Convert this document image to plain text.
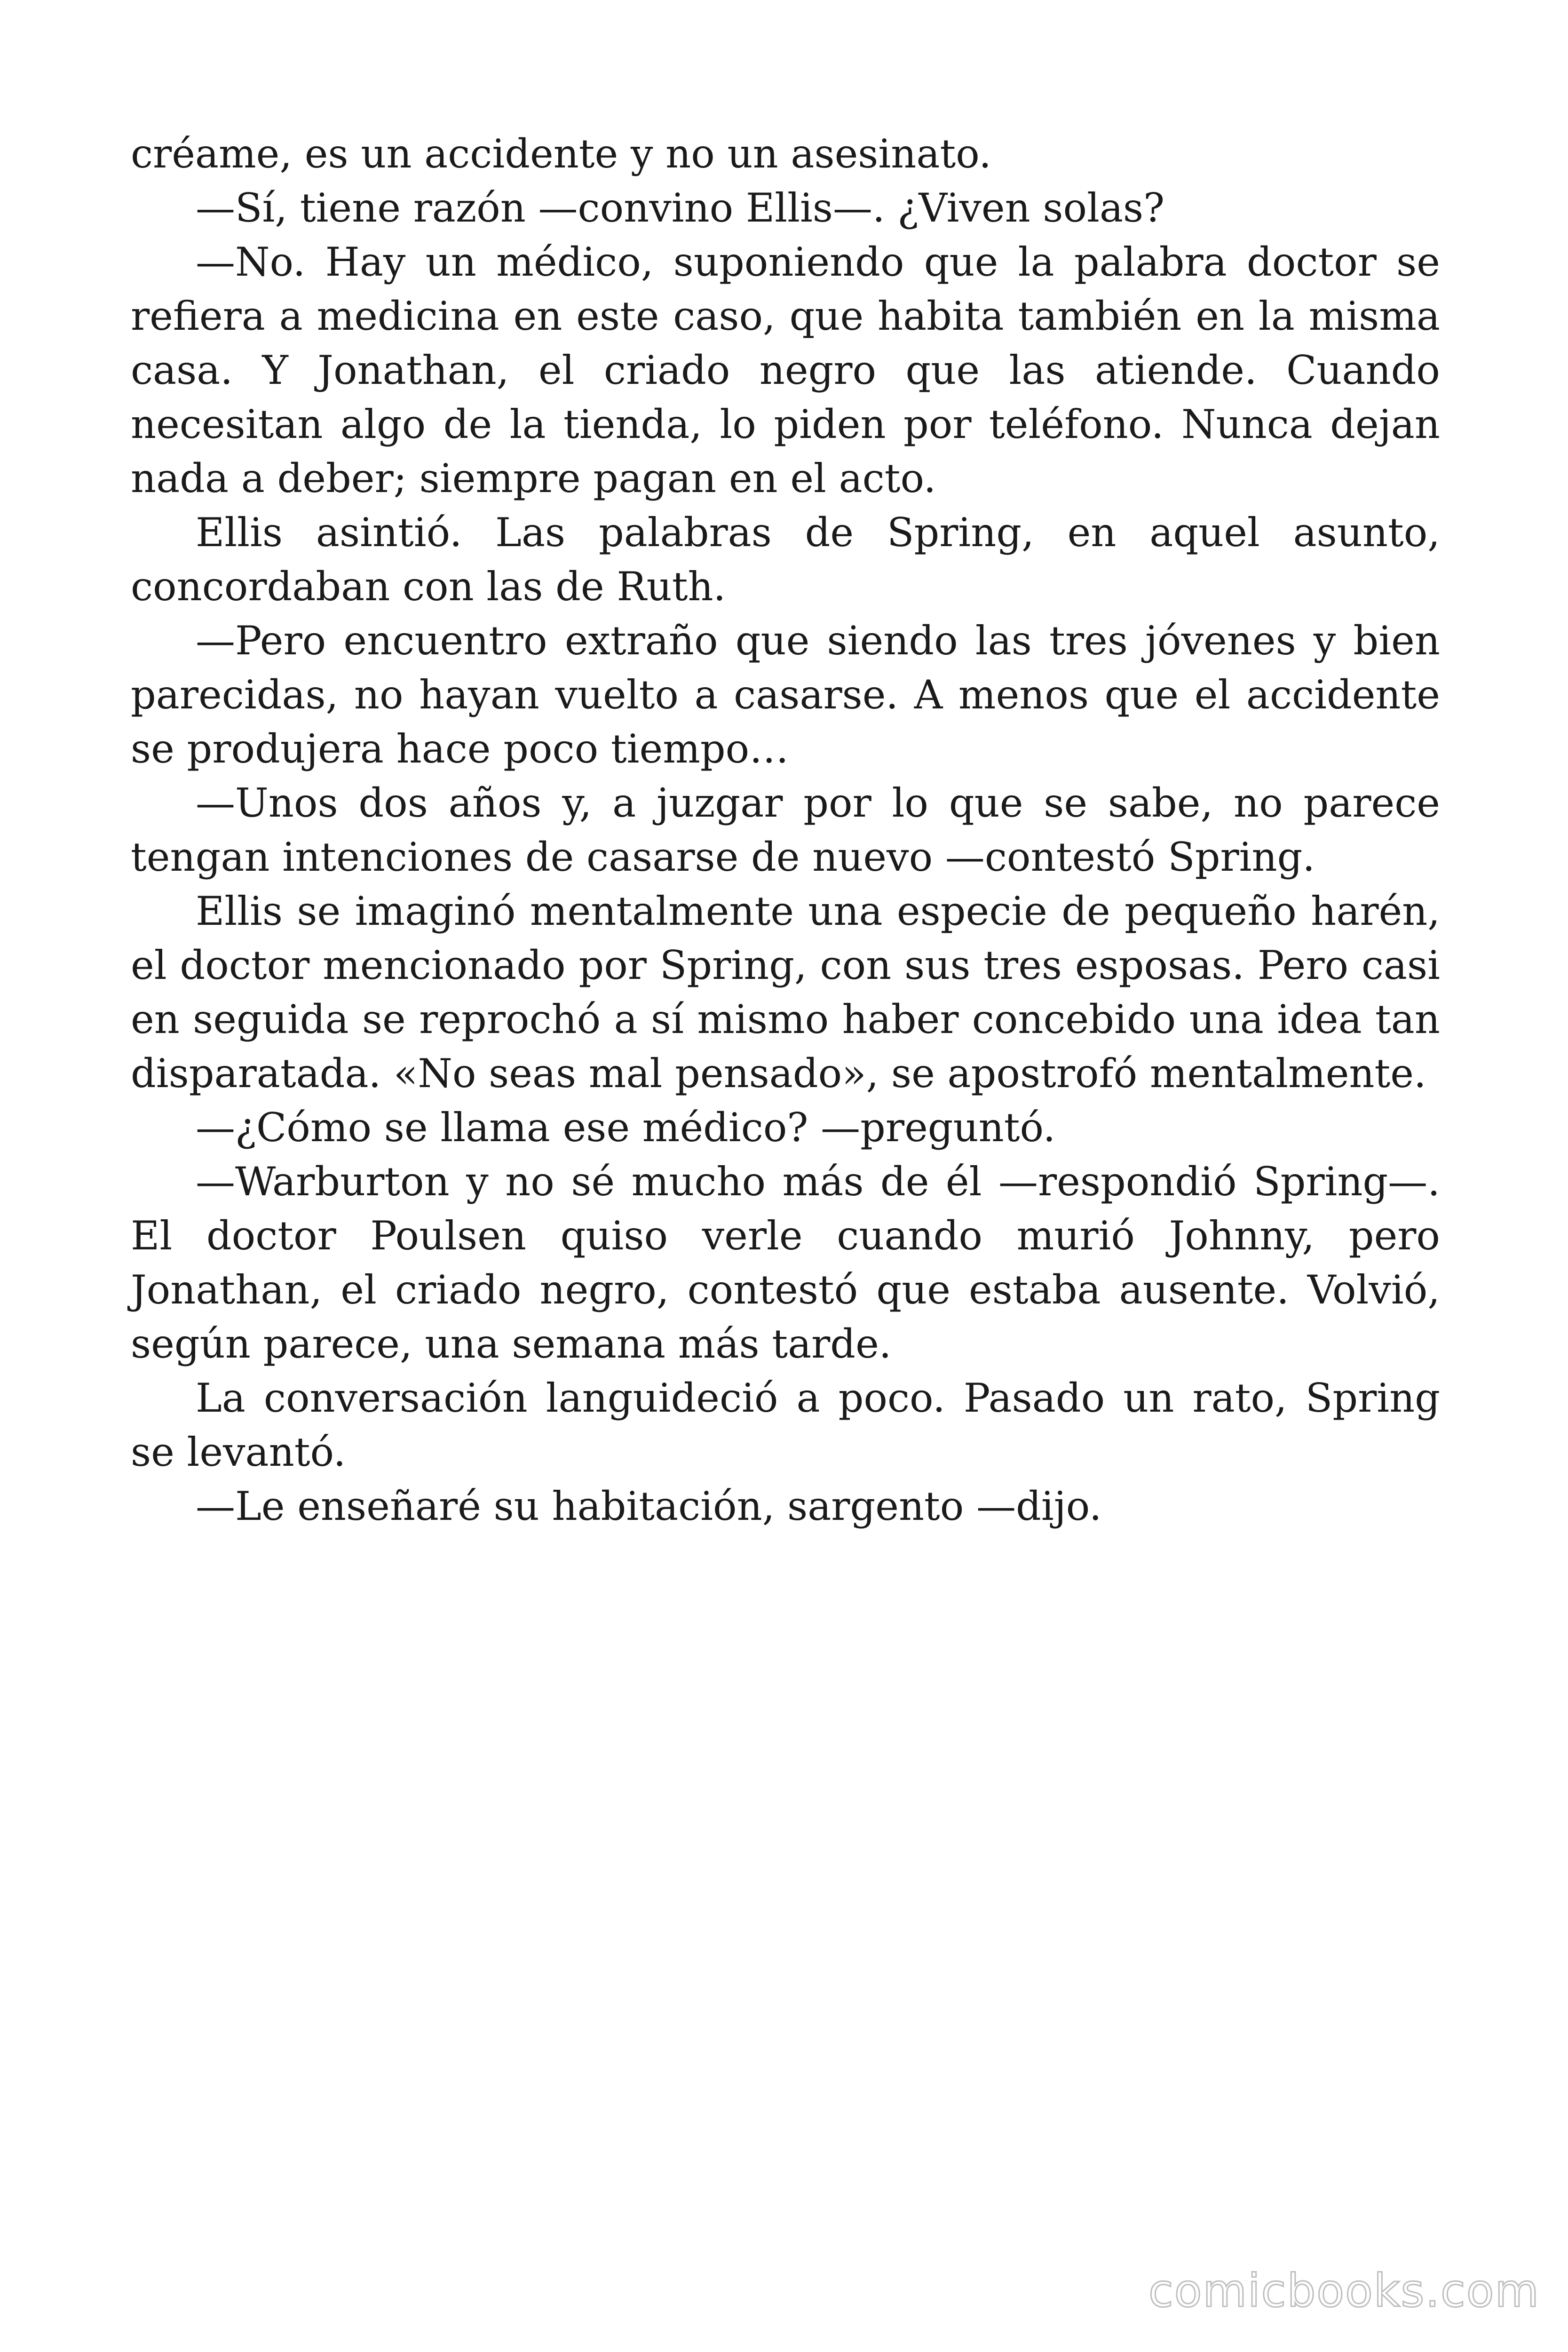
créame, es un accidente y no un asesinato.

—Sí, tiene razón —convino Ellis—. ¿Viven solas?

—No. Hay un médico, suponiendo que la palabra doctor se refiera a medicina en este caso, que habita también en la misma casa. Y Jonathan, el criado negro que las atiende. Cuando necesitan algo de la tienda, lo piden por teléfono. Nunca dejan nada a deber; siempre pagan en el acto.

Ellis asintió. Las palabras de Spring, en aquel asunto, concordaban con las de Ruth.

—Pero encuentro extraño que siendo las tres jóvenes y bien parecidas, no hayan vuelto a casarse. A menos que el accidente se produjera hace poco tiempo…

—Unos dos años y, a juzgar por lo que se sabe, no parece tengan intenciones de casarse de nuevo —contestó Spring.

Ellis se imaginó mentalmente una especie de pequeño harén, el doctor mencionado por Spring, con sus tres esposas. Pero casi en seguida se reprochó a sí mismo haber concebido una idea tan disparatada. «No seas mal pensado», se apostrofó mentalmente.

—¿Cómo se llama ese médico? —preguntó.

—Warburton y no sé mucho más de él —respondió Spring—. El doctor Poulsen quiso verle cuando murió Johnny, pero Jonathan, el criado negro, contestó que estaba ausente. Volvió, según parece, una semana más tarde.

La conversación languideció a poco. Pasado un rato, Spring se levantó.

—Le enseñaré su habitación, sargento —dijo.

comicbooks.com
